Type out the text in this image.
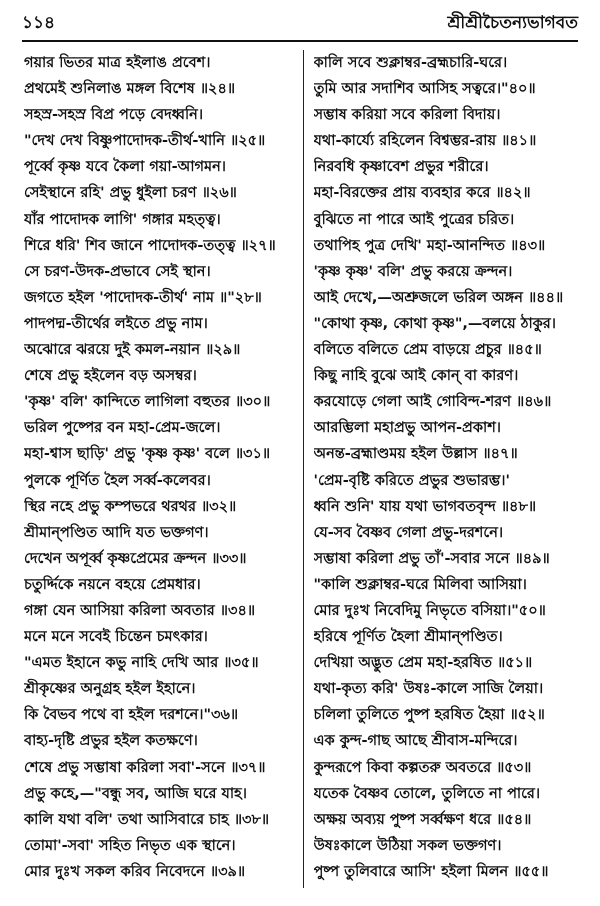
১১৪	শ্রীশ্রীচৈতন্যভাগবত
গয়ার ভিতর মাত্র হইলাঙ প্রবেশ।
প্রথমেই শুনিলাঙ মঙ্গল বিশেষ ॥২৪॥
সহস্র-সহস্র বিপ্র পড়ে বেদধ্বনি।
"দেখ দেখ বিষ্ণুপাদোদক-তীর্থ-খানি ॥২৫॥
পূর্ব্বে কৃষ্ণ যবে কৈলা গয়া-আগমন।
সেইস্থানে রহি' প্রভু ধুইলা চরণ ॥২৬॥
যাঁর পাদোদক লাগি' গঙ্গার মহত্ত্ব।
শিরে ধরি' শিব জানে পাদোদক-তত্ত্ব ॥২৭॥
সে চরণ-উদক-প্রভাবে সেই স্থান।
জগতে হইল 'পাদোদক-তীর্থ' নাম ॥"২৮॥
পাদপদ্ম-তীর্থের লইতে প্রভু নাম।
অঝোরে ঝরয়ে দুই কমল-নয়ান ॥২৯॥
শেষে প্রভু হইলেন বড় অসম্বর।
'কৃষ্ণ' বলি' কান্দিতে লাগিলা বহুতর ॥৩০॥
ভরিল পুষ্পের বন মহা-প্রেম-জলে।
মহা-শ্বাস ছাড়ি' প্রভু 'কৃষ্ণ কৃষ্ণ' বলে ॥৩১॥
পুলকে পূর্ণিত হৈল সর্ব্ব-কলেবর।
স্থির নহে প্রভু কম্পভরে থরথর ॥৩২॥
শ্রীমান্‌পণ্ডিত আদি যত ভক্তগণ।
দেখেন অপূর্ব্ব কৃষ্ণপ্রেমের ক্রন্দন ॥৩৩॥
চতুর্দ্দিকে নয়নে বহয়ে প্রেমধার।
গঙ্গা যেন আসিয়া করিলা অবতার ॥৩৪॥
মনে মনে সবেই চিন্তেন চমৎকার।
"এমত ইহানে কভু নাহি দেখি আর ॥৩৫॥
শ্রীকৃষ্ণের অনুগ্রহ হইল ইহানে।
কি বৈভব পথে বা হইল দরশনে।"৩৬॥
বাহ্য-দৃষ্টি প্রভুর হইল কতক্ষণে।
শেষে প্রভু সম্ভাষা করিলা সবা'-সনে ॥৩৭॥
প্রভু কহে,—"বন্ধু সব, আজি ঘরে যাহ।
কালি যথা বলি' তথা আসিবারে চাহ ॥৩৮॥
তোমা'-সবা' সহিত নিভৃত এক স্থানে।
মোর দুঃখ সকল করিব নিবেদনে ॥৩৯॥
কালি সবে শুক্লাম্বর-ব্রহ্মচারি-ঘরে।
তুমি আর সদাশিব আসিহ সত্বরে।"৪০॥
সম্ভাষ করিয়া সবে করিলা বিদায়।
যথা-কার্য্যে রহিলেন বিশ্বম্ভর-রায় ॥৪১॥
নিরবধি কৃষ্ণাবেশ প্রভুর শরীরে।
মহা-বিরক্তের প্রায় ব্যবহার করে ॥৪২॥
বুঝিতে না পারে আই পুত্রের চরিত।
তথাপিহ পুত্র দেখি' মহা-আনন্দিত ॥৪৩॥
'কৃষ্ণ কৃষ্ণ' বলি' প্রভু করয়ে ক্রন্দন।
আই দেখে,—অশ্রুজলে ভরিল অঙ্গন ॥৪৪॥
"কোথা কৃষ্ণ, কোথা কৃষ্ণ",—বলয়ে ঠাকুর।
বলিতে বলিতে প্রেম বাড়য়ে প্রচুর ॥৪৫॥
কিছু নাহি বুঝে আই কোন্‌ বা কারণ।
করযোড়ে গেলা আই গোবিন্দ-শরণ ॥৪৬॥
আরম্ভিলা মহাপ্রভু আপন-প্রকাশ।
অনন্ত-ব্রহ্মাণ্ডময় হইল উল্লাস ॥৪৭॥
'প্রেম-বৃষ্টি করিতে প্রভুর শুভারম্ভ।'
ধ্বনি শুনি' যায় যথা ভাগবতবৃন্দ ॥৪৮॥
যে-সব বৈষ্ণব গেলা প্রভু-দরশনে।
সম্ভাষা করিলা প্রভু তাঁ'-সবার সনে ॥৪৯॥
"কালি শুক্লাম্বর-ঘরে মিলিবা আসিয়া।
মোর দুঃখ নিবেদিমু নিভৃতে বসিয়া।"৫০॥
হরিষে পূর্ণিত হৈলা শ্রীমান্‌পণ্ডিত।
দেখিয়া অদ্ভুত প্রেম মহা-হরষিত ॥৫১॥
যথা-কৃত্য করি' উষঃ-কালে সাজি লৈয়া।
চলিলা তুলিতে পুষ্প হরষিত হৈয়া ॥৫২॥
এক কুন্দ-গাছ আছে শ্রীবাস-মন্দিরে।
কুন্দরূপে কিবা কল্পতরু অবতরে ॥৫৩॥
যতেক বৈষ্ণব তোলে, তুলিতে না পারে।
অক্ষয় অব্যয় পুষ্প সর্ব্বক্ষণ ধরে ॥৫৪॥
উষঃকালে উঠিয়া সকল ভক্তগণ।
পুষ্প তুলিবারে আসি' হইলা মিলন ॥৫৫॥
